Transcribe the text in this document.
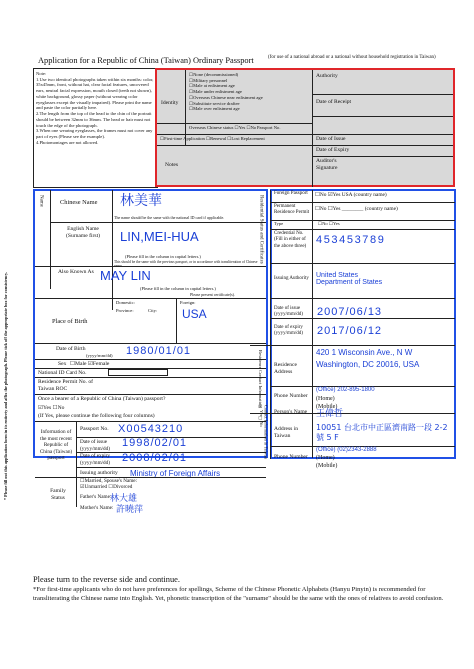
Application for a Republic of China (Taiwan) Ordinary Passport	(for use of a national abroad or a national without household registration in Taiwan)
* Please fill out this application form in its entirety and affix the photograph. Please tick off the appropriate box for consistency.
Note:
1.Use two identical photographs taken within six months: color, 35x45mm, front, without hat, clear facial features, uncovered ears, neutral facial expression, mouth closed (teeth not shown), white background, glossy paper (without wearing color eyeglasses except the visually impaired). Please print the name and paste the color partially here.
2.The length from the top of the head to the chin of the portrait should be between 32mm to 36mm. The head or hair must not touch the edge of the photograph.
3.When one wearing eyeglasses, the frames must not cover any part of eyes (Please see the example).
4.Photomontages are not allowed.
Identity
☐None (decommissioned)
☐Military personnel
☐Male at enlistment age
☐Male under enlistment age
☐Overseas Chinese near enlistment age
☐Substitute service draftee
☐Male over enlistment age
Overseas Chinese status ☐Yes ☐No
☐First-time Application ☐Renewal ☐Lost Replacement
Notes
Passport No.
Authority
Date of Receipt
Date of Issue
Date of Expiry
Auditor's Signature
Name	Chinese Name 林美華
The name should be the same with the national ID card if applicable.
English Name (Surname first)	LIN,MEI-HUA
(Please fill in the column in capital letters.)
This should be the same with the previous passport, or in accordance with transliteration of Chinese name.
Also Known As MAY LIN
(Please fill in the column in capital letters.)
Please present certificate(s).
Place of Birth
Domestic:
Province:	City:
Foreign:
USA
Date of Birth
(yyyy/mm/dd) 1980/01/01
Sex ☐Male ☑Female
National ID Card No.
Residence Permit No. of Taiwan ROC
Once a bearer of a Republic of China (Taiwan) passport?
☑Yes ☐No
(If Yes, please continue the following four columns)
Information of the most recent Republic of China (Taiwan) passport
Passport No. X00543210
Date of issue (yyyy/mm/dd)	1998/02/01
Date of expiry (yyyy/mm/dd)	2008/02/01
Issuing authority Ministry of Foreign Affairs
Family Status
☐Married, Spouse's Name:
☑Unmarried ☐Divorced
Father's Name:
林大雄
Mother's Name: 許曉萍
Residential Status and Certificates
Foreign Passport	☐No ☑Yes USA (country name)
Permanent Residence Permit
☐No ☐Yes ________ (country name)
Type	☐No ☐Yes
Credential No. (Fill in either of the above three) 453453789
Issuing Authority	United States Department of States
Date of issue (yyyy/mm/dd)	2007/06/13
Date of expiry (yyyy/mm/dd)	2017/06/12
Residence Contact Information Residence Address
420 1 Wisconsin Ave., N W Washington, DC 20016, USA
Phone Number
(Office) 202-895-1800
(Home)
(Mobile)
Contact Information in Taiwan ☑Yes☐No	Person's Name 王偉哲
Address in Taiwan
10051 台北市中正區濟南路一段 2-2 號 5 F
Phone Number
(Office) (02)2343-2888
(Home)
(Mobile)
Please turn to the reverse side and continue.
*For first-time applicants who do not have preferences for spellings, Scheme of the Chinese Phonetic Alphabets (Hanyu Pinyin) is recommended for transliterating the Chinese name into English. Yet, phonetic transcription of the "surname" should be the same with the ones of relatives to avoid confusion.
